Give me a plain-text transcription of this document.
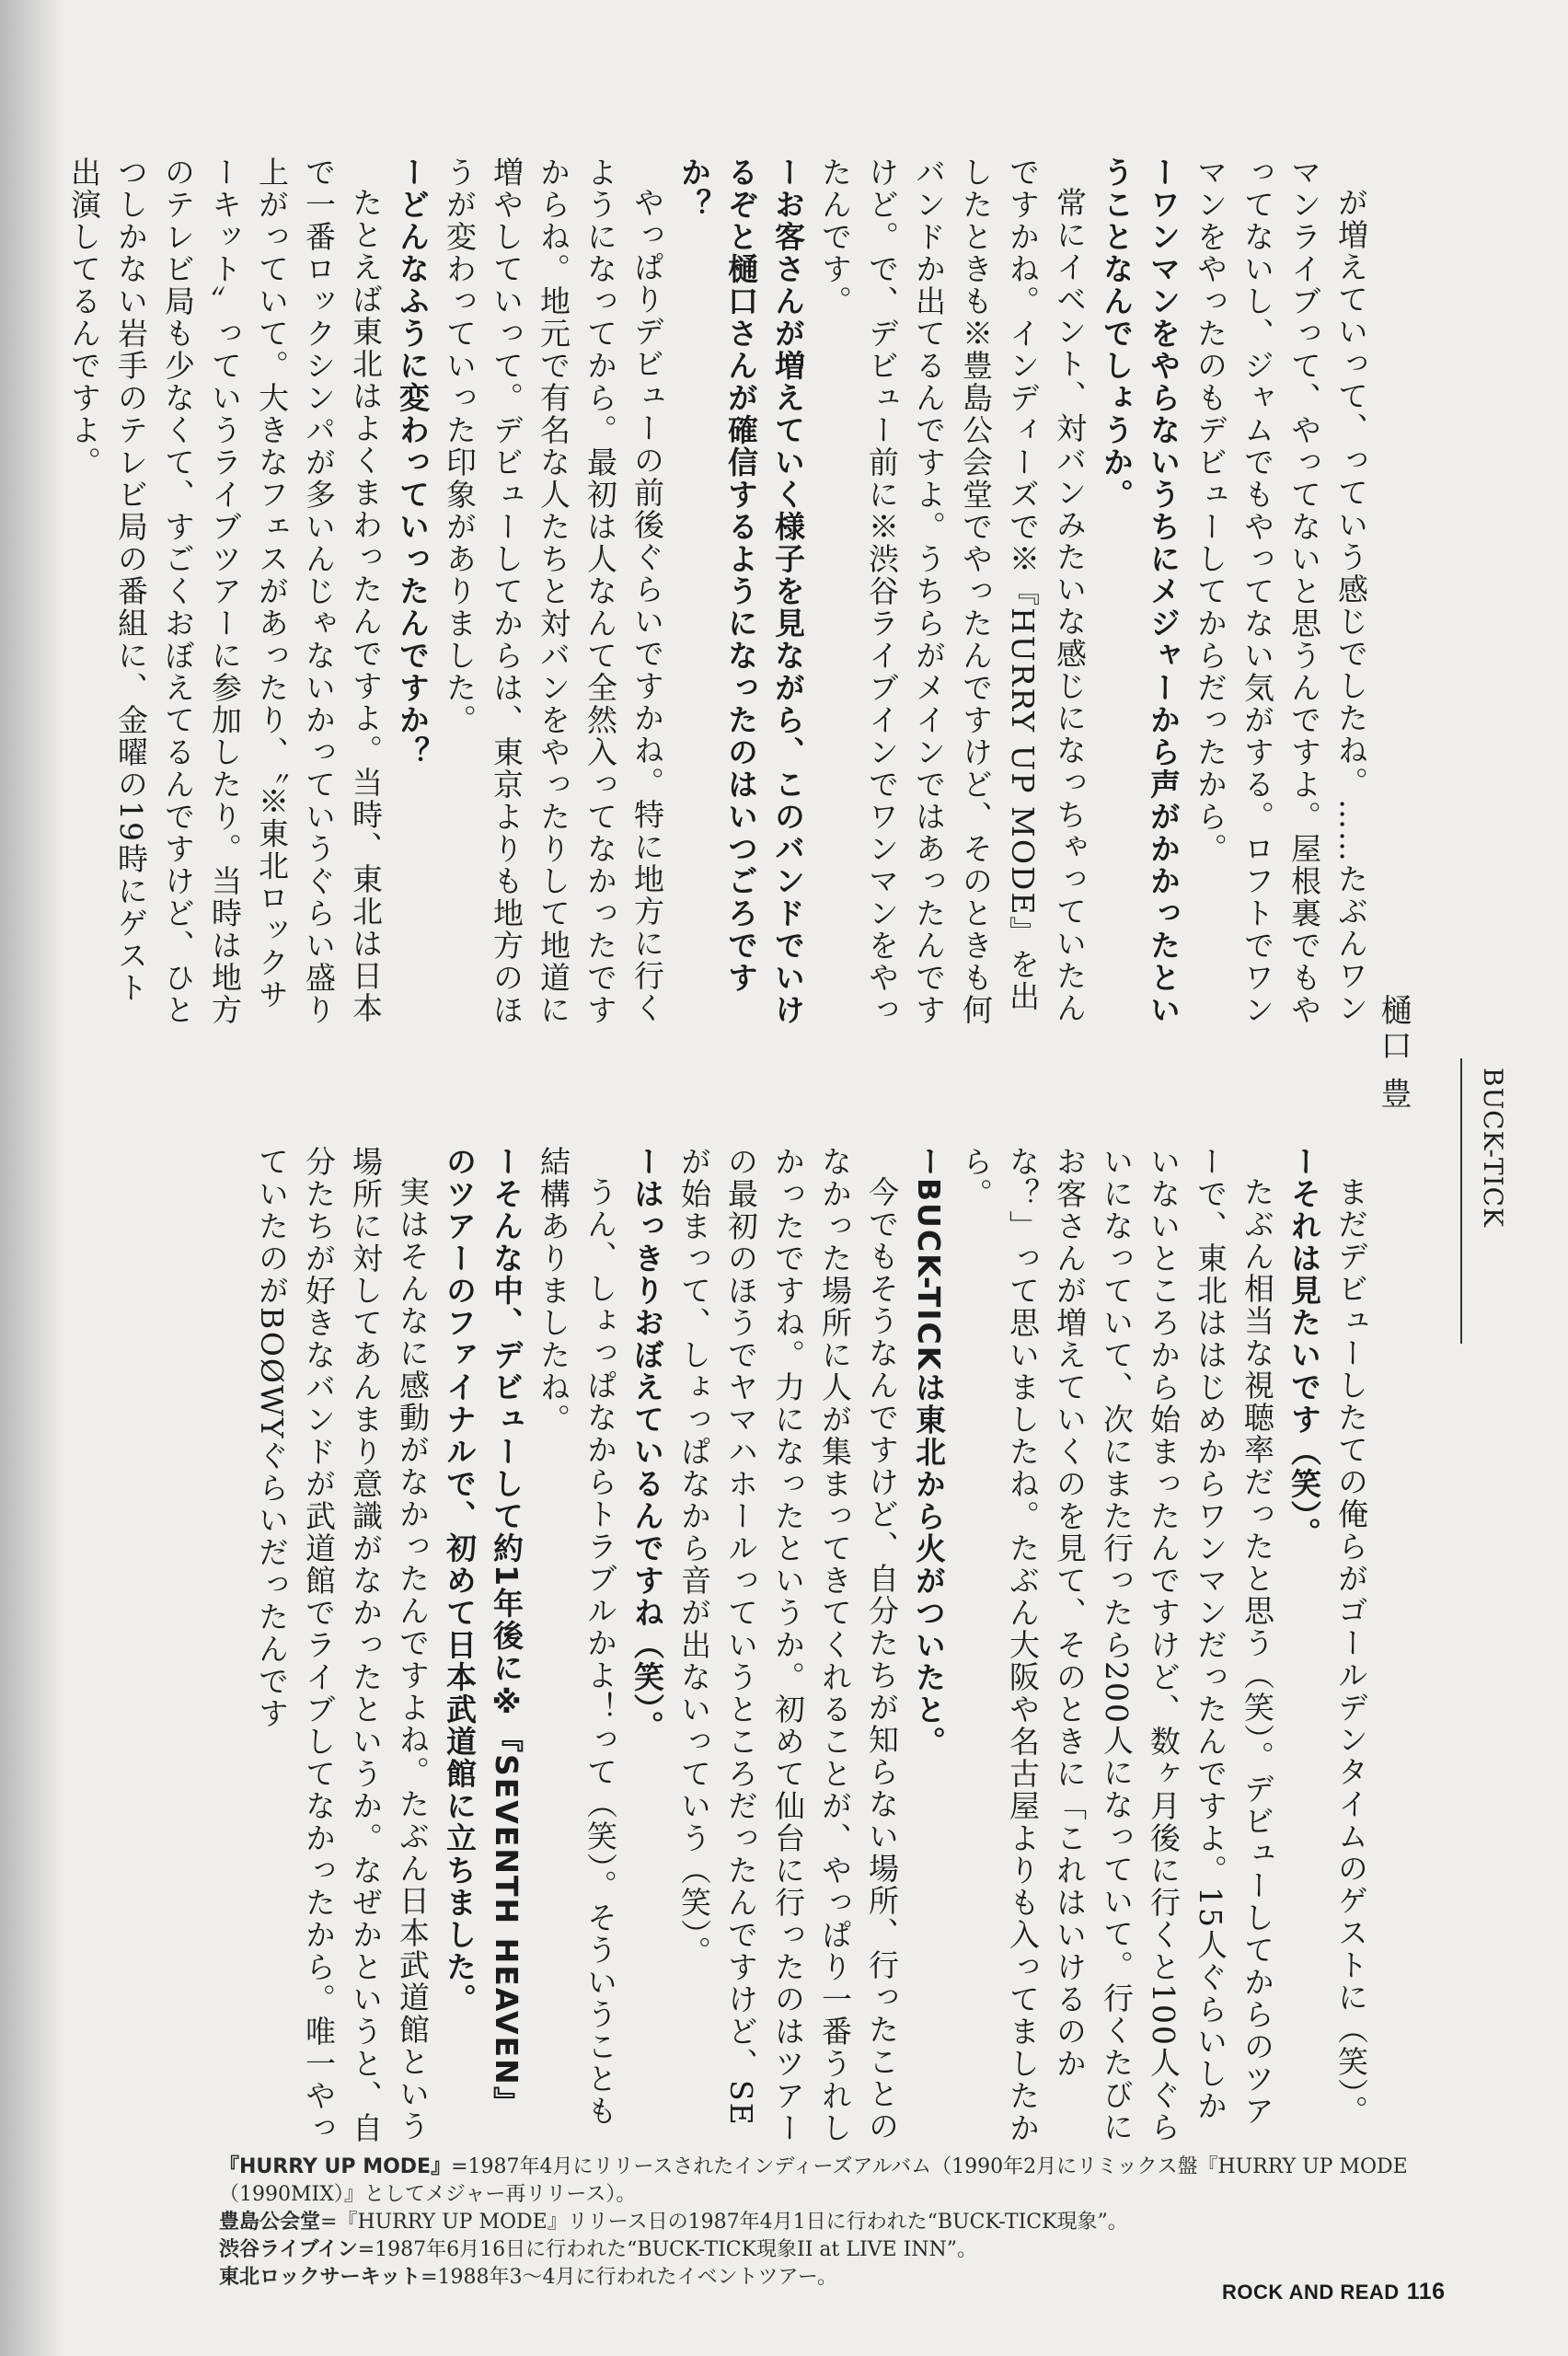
樋口 豊
BUCK-TICK

が増えていって、っていう感じでしたね。……たぶんワンマンライブって、やってないと思うんですよ。屋根裏でもやってないし、ジャムでもやってない気がする。ロフトでワンマンをやったのもデビューしてからだったから。

ーワンマンをやらないうちにメジャーから声がかかったということなんでしょうか。

常にイベント、対バンみたいな感じになっちゃっていたんですかね。インディーズで※『HURRY UP MODE』を出したときも※豊島公会堂でやったんですけど、そのときも何バンドか出てるんですよ。うちらがメインではあったんですけど。で、デビュー前に※渋谷ライブインでワンマンをやったんです。

ーお客さんが増えていく様子を見ながら、このバンドでいけるぞと樋口さんが確信するようになったのはいつごろですか？

やっぱりデビューの前後ぐらいですかね。特に地方に行くようになってから。最初は人なんて全然入ってなかったですからね。地元で有名な人たちと対バンをやったりして地道に増やしていって。デビューしてからは、東京よりも地方のほうが変わっていった印象がありました。

ーどんなふうに変わっていったんですか？

たとえば東北はよくまわったんですよ。当時、東北は日本で一番ロックシンパが多いんじゃないかっていうぐらい盛り上がっていて。大きなフェスがあったり、〝※東北ロックサーキット〟っていうライブツアーに参加したり。当時は地方のテレビ局も少なくて、すごくおぼえてるんですけど、ひとつしかない岩手のテレビ局の番組に、金曜の19時にゲスト出演してるんですよ。

まだデビューしたての俺らがゴールデンタイムのゲストに（笑）。

ーそれは見たいです（笑）。

たぶん相当な視聴率だったと思う（笑）。デビューしてからのツアーで、東北ははじめからワンマンだったんですよ。15人ぐらいしかいないところから始まったんですけど、数ヶ月後に行くと100人ぐらいになっていて、次にまた行ったら200人になっていて。行くたびにお客さんが増えていくのを見て、そのときに「これはいけるのかな？」って思いましたね。たぶん大阪や名古屋よりも入ってましたから。

ーBUCK-TICKは東北から火がついたと。

今でもそうなんですけど、自分たちが知らない場所、行ったことのなかった場所に人が集まってきてくれることが、やっぱり一番うれしかったですね。力になったというか。初めて仙台に行ったのはツアーの最初のほうでヤマハホールっていうところだったんですけど、SEが始まって、しょっぱなから音が出ないっていう（笑）。

ーはっきりおぼえているんですね（笑）。

うん、しょっぱなからトラブルかよ！って（笑）。そういうことも結構ありましたね。

ーそんな中、デビューして約1年後に※『SEVENTH HEAVEN』のツアーのファイナルで、初めて日本武道館に立ちました。

実はそんなに感動がなかったんですよね。たぶん日本武道館という場所に対してあんまり意識がなかったというか。なぜかというと、自分たちが好きなバンドが武道館でライブしてなかったから。唯一やっていたのがBOØWYぐらいだったんです

『HURRY UP MODE』=1987年4月にリリースされたインディーズアルバム（1990年2月にリミックス盤『HURRY UP MODE（1990MIX）』としてメジャー再リリース）。

豊島公会堂=『HURRY UP MODE』リリース日の1987年4月1日に行われた“BUCK-TICK現象”。

渋谷ライブイン=1987年6月16日に行われた“BUCK-TICK現象II at LIVE INN”。

東北ロックサーキット=1988年3～4月に行われたイベントツアー。

ROCK AND READ 116
